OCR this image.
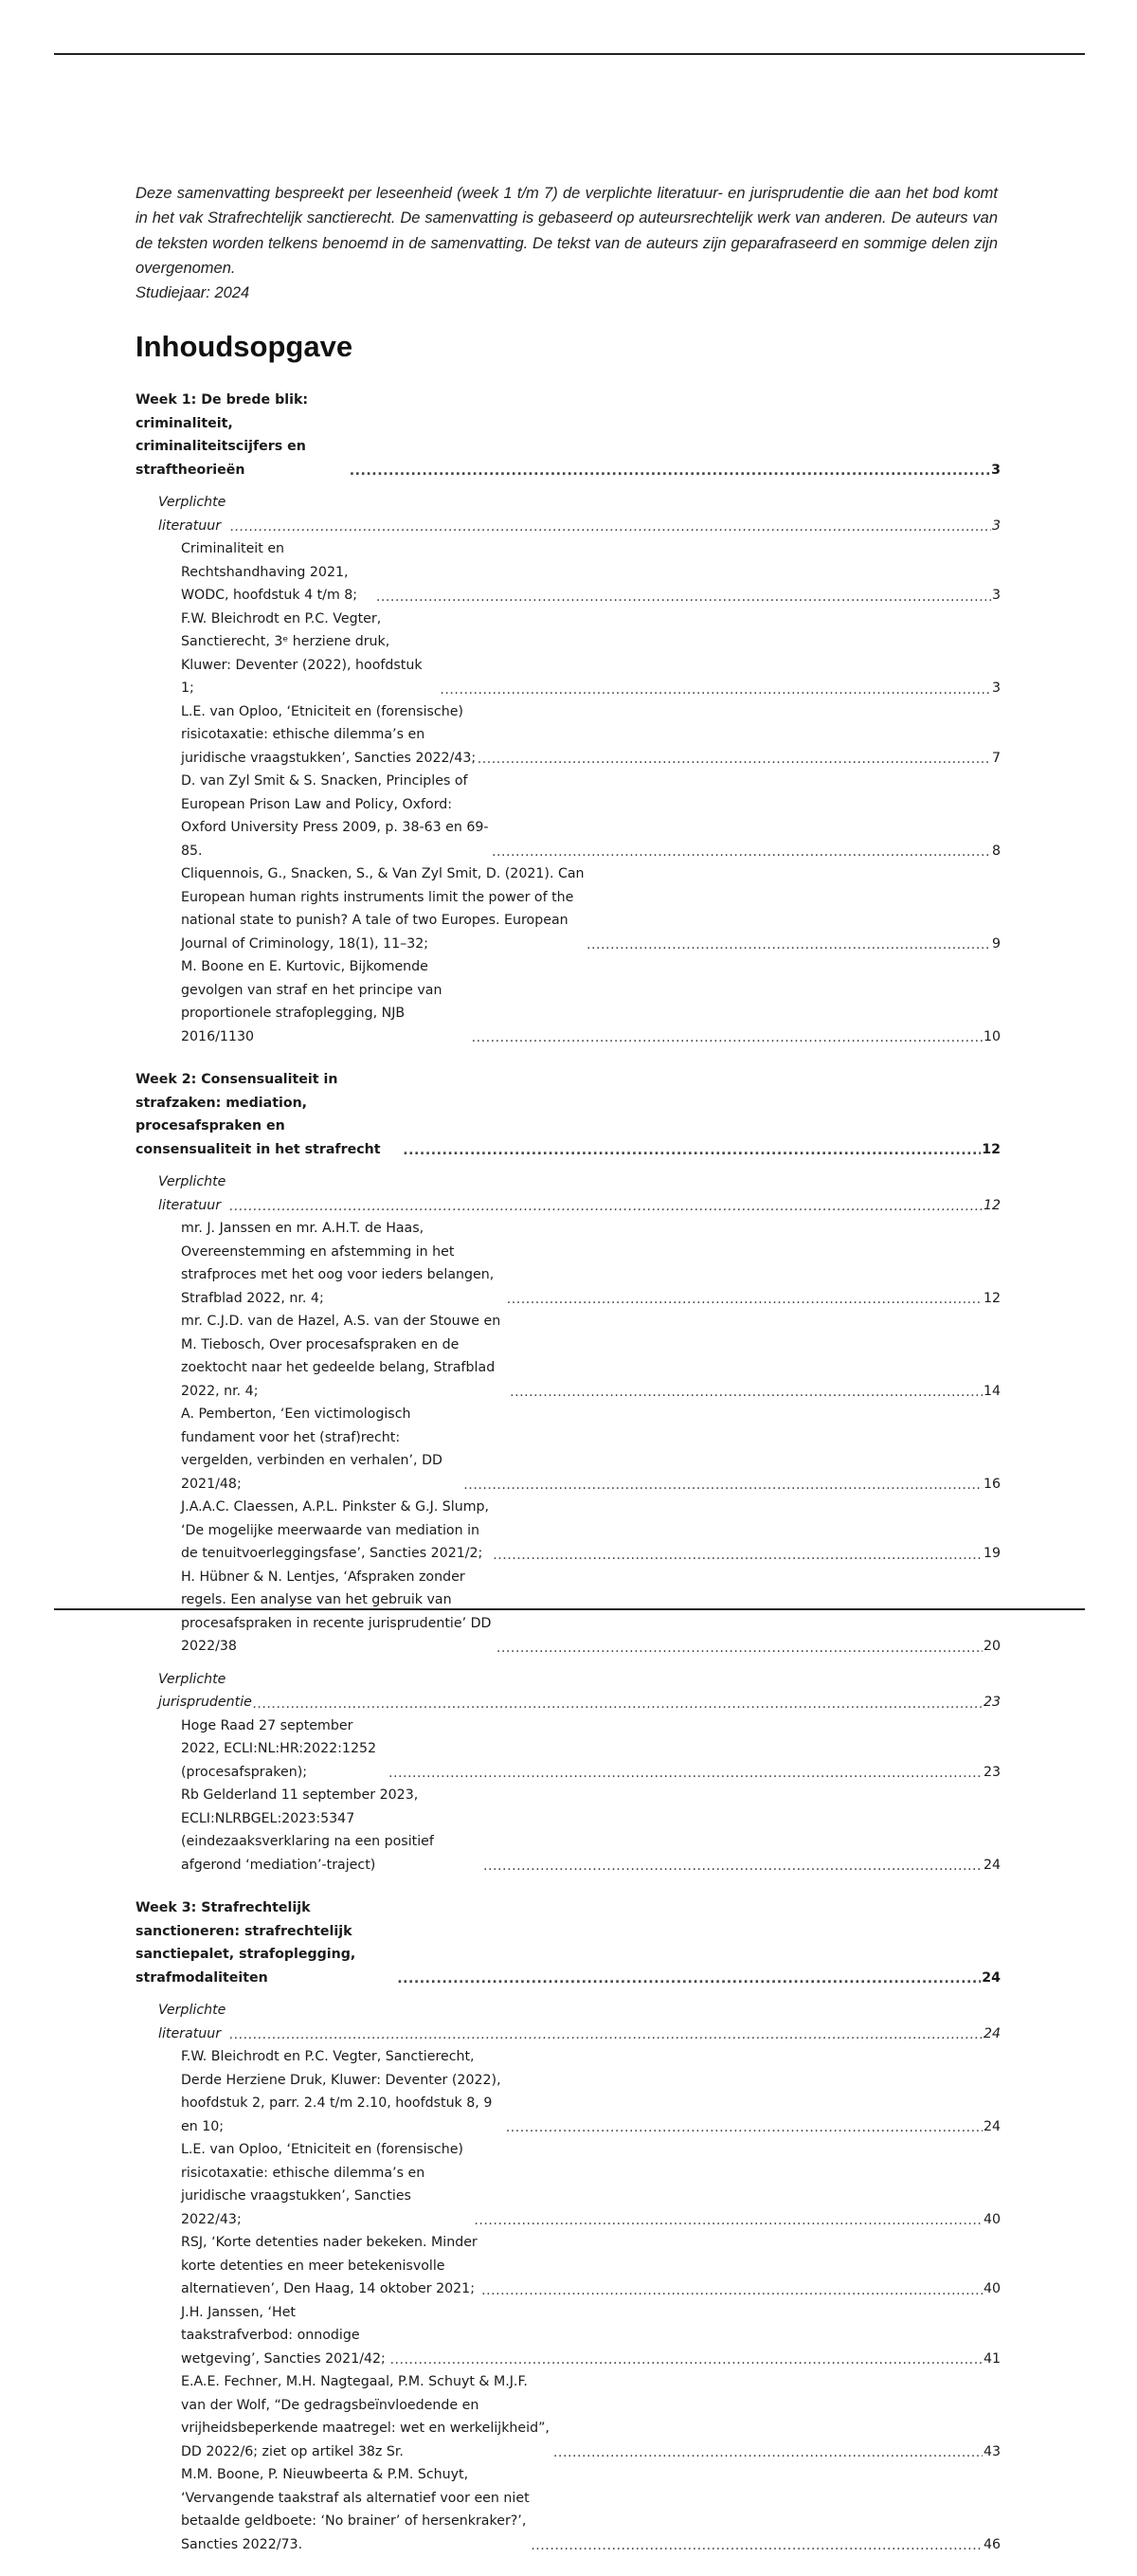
Deze samenvatting bespreekt per leseenheid (week 1 t/m 7) de verplichte literatuur- en jurisprudentie die aan het bod komt in het vak Strafrechtelijk sanctierecht. De samenvatting is gebaseerd op auteursrechtelijk werk van anderen. De auteurs van de teksten worden telkens benoemd in de samenvatting. De tekst van de auteurs zijn geparafraseerd en sommige delen zijn overgenomen.

Studiejaar: 2024

Inhoudsopgave
Week 1: De brede blik: criminaliteit, criminaliteitscijfers en straftheorieën .....	3
Verplichte literatuur .....	3
Criminaliteit en Rechtshandhaving 2021, WODC, hoofdstuk 4 t/m 8; .....	3
F.W. Bleichrodt en P.C. Vegter, Sanctierecht, 3ᵉ herziene druk, Kluwer: Deventer (2022), hoofdstuk 1; .....	3
L.E. van Oploo, ‘Etniciteit en (forensische) risicotaxatie: ethische dilemma’s en juridische vraagstukken’, Sancties 2022/43; .....	7
D. van Zyl Smit & S. Snacken, Principles of European Prison Law and Policy, Oxford: Oxford University Press 2009, p. 38-63 en 69-85. .....	8
Cliquennois, G., Snacken, S., & Van Zyl Smit, D. (2021). Can European human rights instruments limit the power of the national state to punish? A tale of two Europes. European Journal of Criminology, 18(1), 11–32; .....	9
M. Boone en E. Kurtovic, Bijkomende gevolgen van straf en het principe van proportionele strafoplegging, NJB 2016/1130 .....	10
Week 2: Consensualiteit in strafzaken: mediation, procesafspraken en consensualiteit in het strafrecht .....	12
Verplichte literatuur .....	12
mr. J. Janssen en mr. A.H.T. de Haas, Overeenstemming en afstemming in het strafproces met het oog voor ieders belangen, Strafblad 2022, nr. 4; .....	12
mr. C.J.D. van de Hazel, A.S. van der Stouwe en M. Tiebosch, Over procesafspraken en de zoektocht naar het gedeelde belang, Strafblad 2022, nr. 4; .....	14
A. Pemberton, ‘Een victimologisch fundament voor het (straf)recht: vergelden, verbinden en verhalen’, DD 2021/48; .....	16
J.A.A.C. Claessen, A.P.L. Pinkster & G.J. Slump, ‘De mogelijke meerwaarde van mediation in de tenuitvoerleggingsfase’, Sancties 2021/2; .....	19
H. Hübner & N. Lentjes, ‘Afspraken zonder regels. Een analyse van het gebruik van procesafspraken in recente jurisprudentie’ DD 2022/38 .....	20
Verplichte jurisprudentie .....	23
Hoge Raad 27 september 2022, ECLI:NL:HR:2022:1252 (procesafspraken); .....	23
Rb Gelderland 11 september 2023, ECLI:NLRBGEL:2023:5347 (eindezaaksverklaring na een positief afgerond ‘mediation’-traject) .....	24
Week 3: Strafrechtelijk sanctioneren: strafrechtelijk sanctiepalet, strafoplegging, strafmodaliteiten .....	24
Verplichte literatuur .....	24
F.W. Bleichrodt en P.C. Vegter, Sanctierecht, Derde Herziene Druk, Kluwer: Deventer (2022), hoofdstuk 2, parr. 2.4 t/m 2.10, hoofdstuk 8, 9 en 10; .....	24
L.E. van Oploo, ‘Etniciteit en (forensische) risicotaxatie: ethische dilemma’s en juridische vraagstukken’, Sancties 2022/43; .....	40
RSJ, ‘Korte detenties nader bekeken. Minder korte detenties en meer betekenisvolle alternatieven’, Den Haag, 14 oktober 2021; .....	40
J.H. Janssen, ‘Het taakstrafverbod: onnodige wetgeving’, Sancties 2021/42; .....	41
E.A.E. Fechner, M.H. Nagtegaal, P.M. Schuyt & M.J.F. van der Wolf, “De gedragsbeïnvloedende en vrijheidsbeperkende maatregel: wet en werkelijkheid”, DD 2022/6; ziet op artikel 38z Sr. .....	43
M.M. Boone, P. Nieuwbeerta & P.M. Schuyt, ‘Vervangende taakstraf als alternatief voor een niet betaalde geldboete: ‘No brainer’ of hersenkraker?’, Sancties 2022/73. .....	46
